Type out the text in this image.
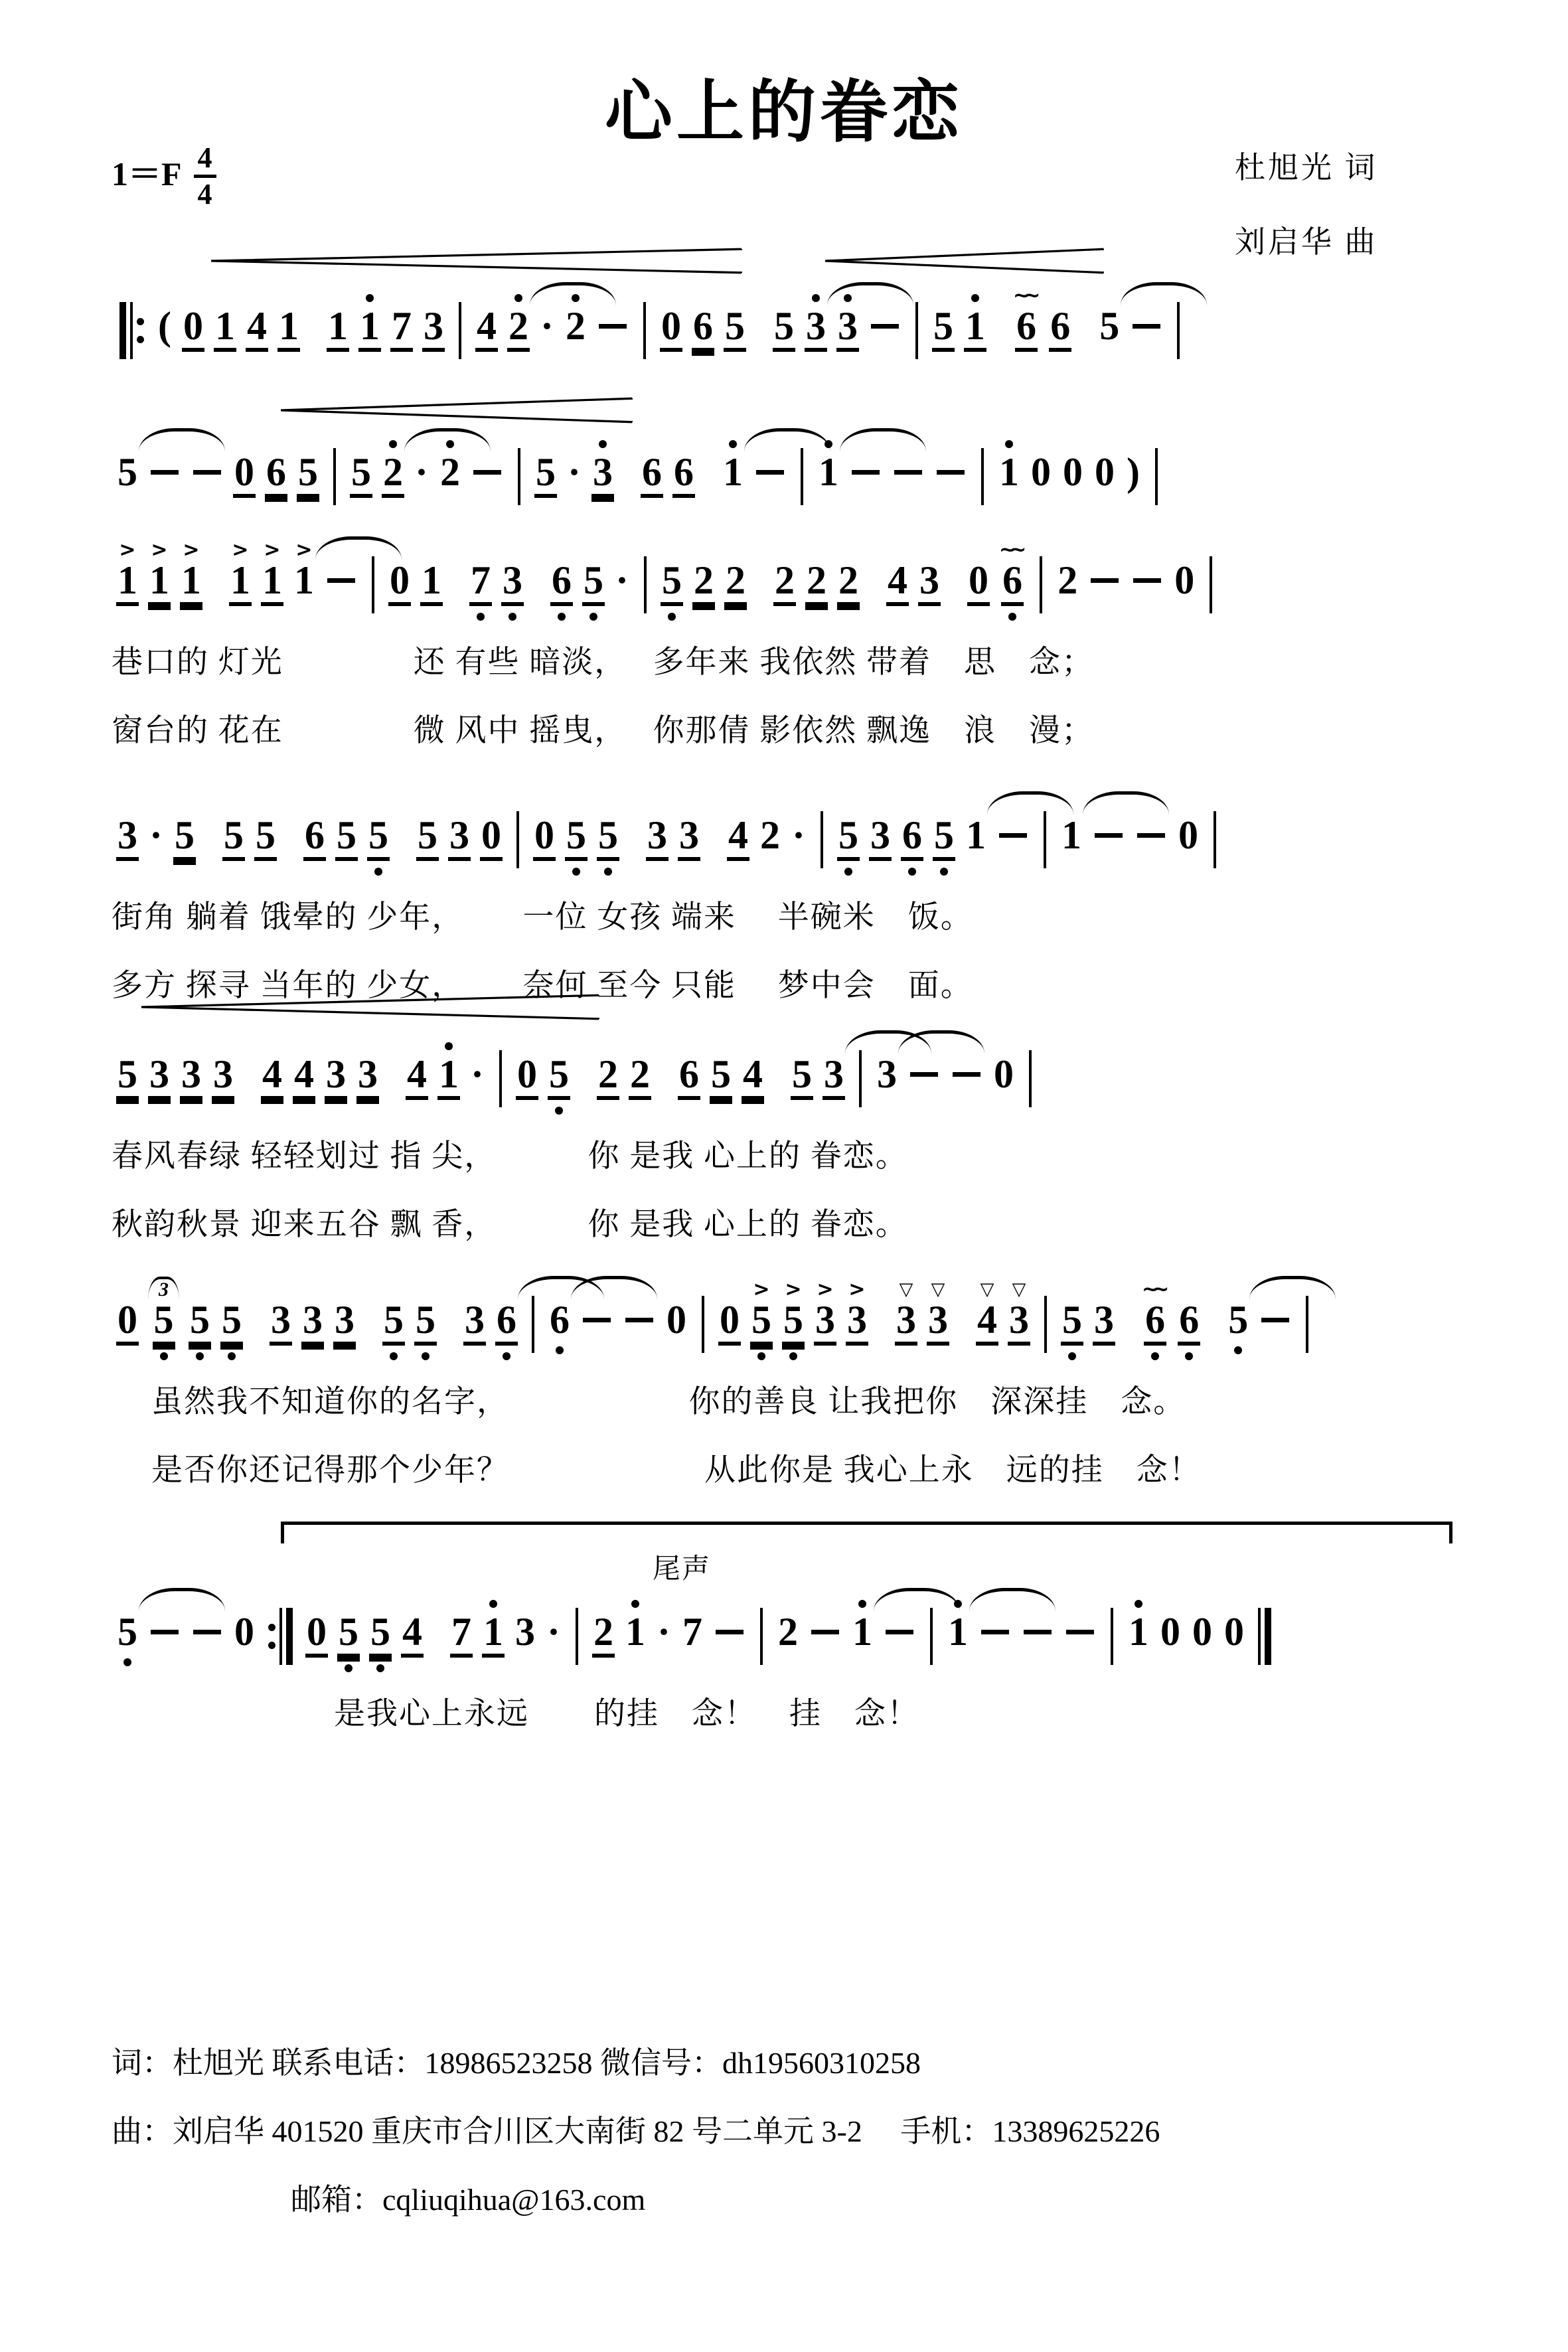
心上的眷恋
$1=F \frac{4}{4}$	杜旭光 词
刘启华 曲
( 0 1 4 1 1 1 7 3 4 2 · 2 0 6 5 5 3 3 5 1
~~
6 6 5
5 0 6 5 5 2 · 2 5 · 3 6 6 1 1	1 0 0 0 )
>
1
>
1
>
1
>
1
>
1
>
1 0 1 7 3 6 5 · 5 2 2 2 2 2 4 3 0
~~
6 2 0
巷口的 灯光　　　　还 有些 暗淡，　 多年来 我依然 带着　思　念；
窗台的 花在　　　　微 风中 摇曳，　 你那倩 影依然 飘逸　浪　漫；
3 · 5 5 5 6 5 5 5 3 0 0 5 5 3 3 4 2 · 5 3 6 5 1 1 0
街角 躺着 饿晕的 少年，　　 一位 女孩 端来　 半碗米　饭。
多方 探寻 当年的 少女，　　 奈何 至今 只能　 梦中会　面。
5 3 3 3 4 4 3 3 4 1 · 0 5 2 2 6 5 4 5 3 3 0
春风春绿 轻轻划过 指 尖，　　　 你 是我 心上的 眷恋。
秋韵秋景 迎来五谷 飘 香，　　　 你 是我 心上的 眷恋。
0
3
5 5 5 3 3 3 5 5 3 6 6 0 0
>
5
>
5
>
3
>
3
▽
3
▽
3
▽
4
▽
3 5 3
~~
6 6 5
虽然我不知道你的名字，　　　　　　你的善良 让我把你　深深挂　念。
是否你还记得那个少年？　　　　　　从此你是 我心上永　远的挂　念！
尾声
5 0 0 5 5 4 7 1 3 · 2 1 · 7 2 1 1	1 0 0 0
是我心上永远　　的挂　念！　挂　念！
词：杜旭光 联系电话：18986523258 微信号：dh19560310258
曲：刘启华 401520 重庆市合川区大南街 82 号二单元 3-2　 手机：13389625226
邮箱：cqliuqihua@163.com
